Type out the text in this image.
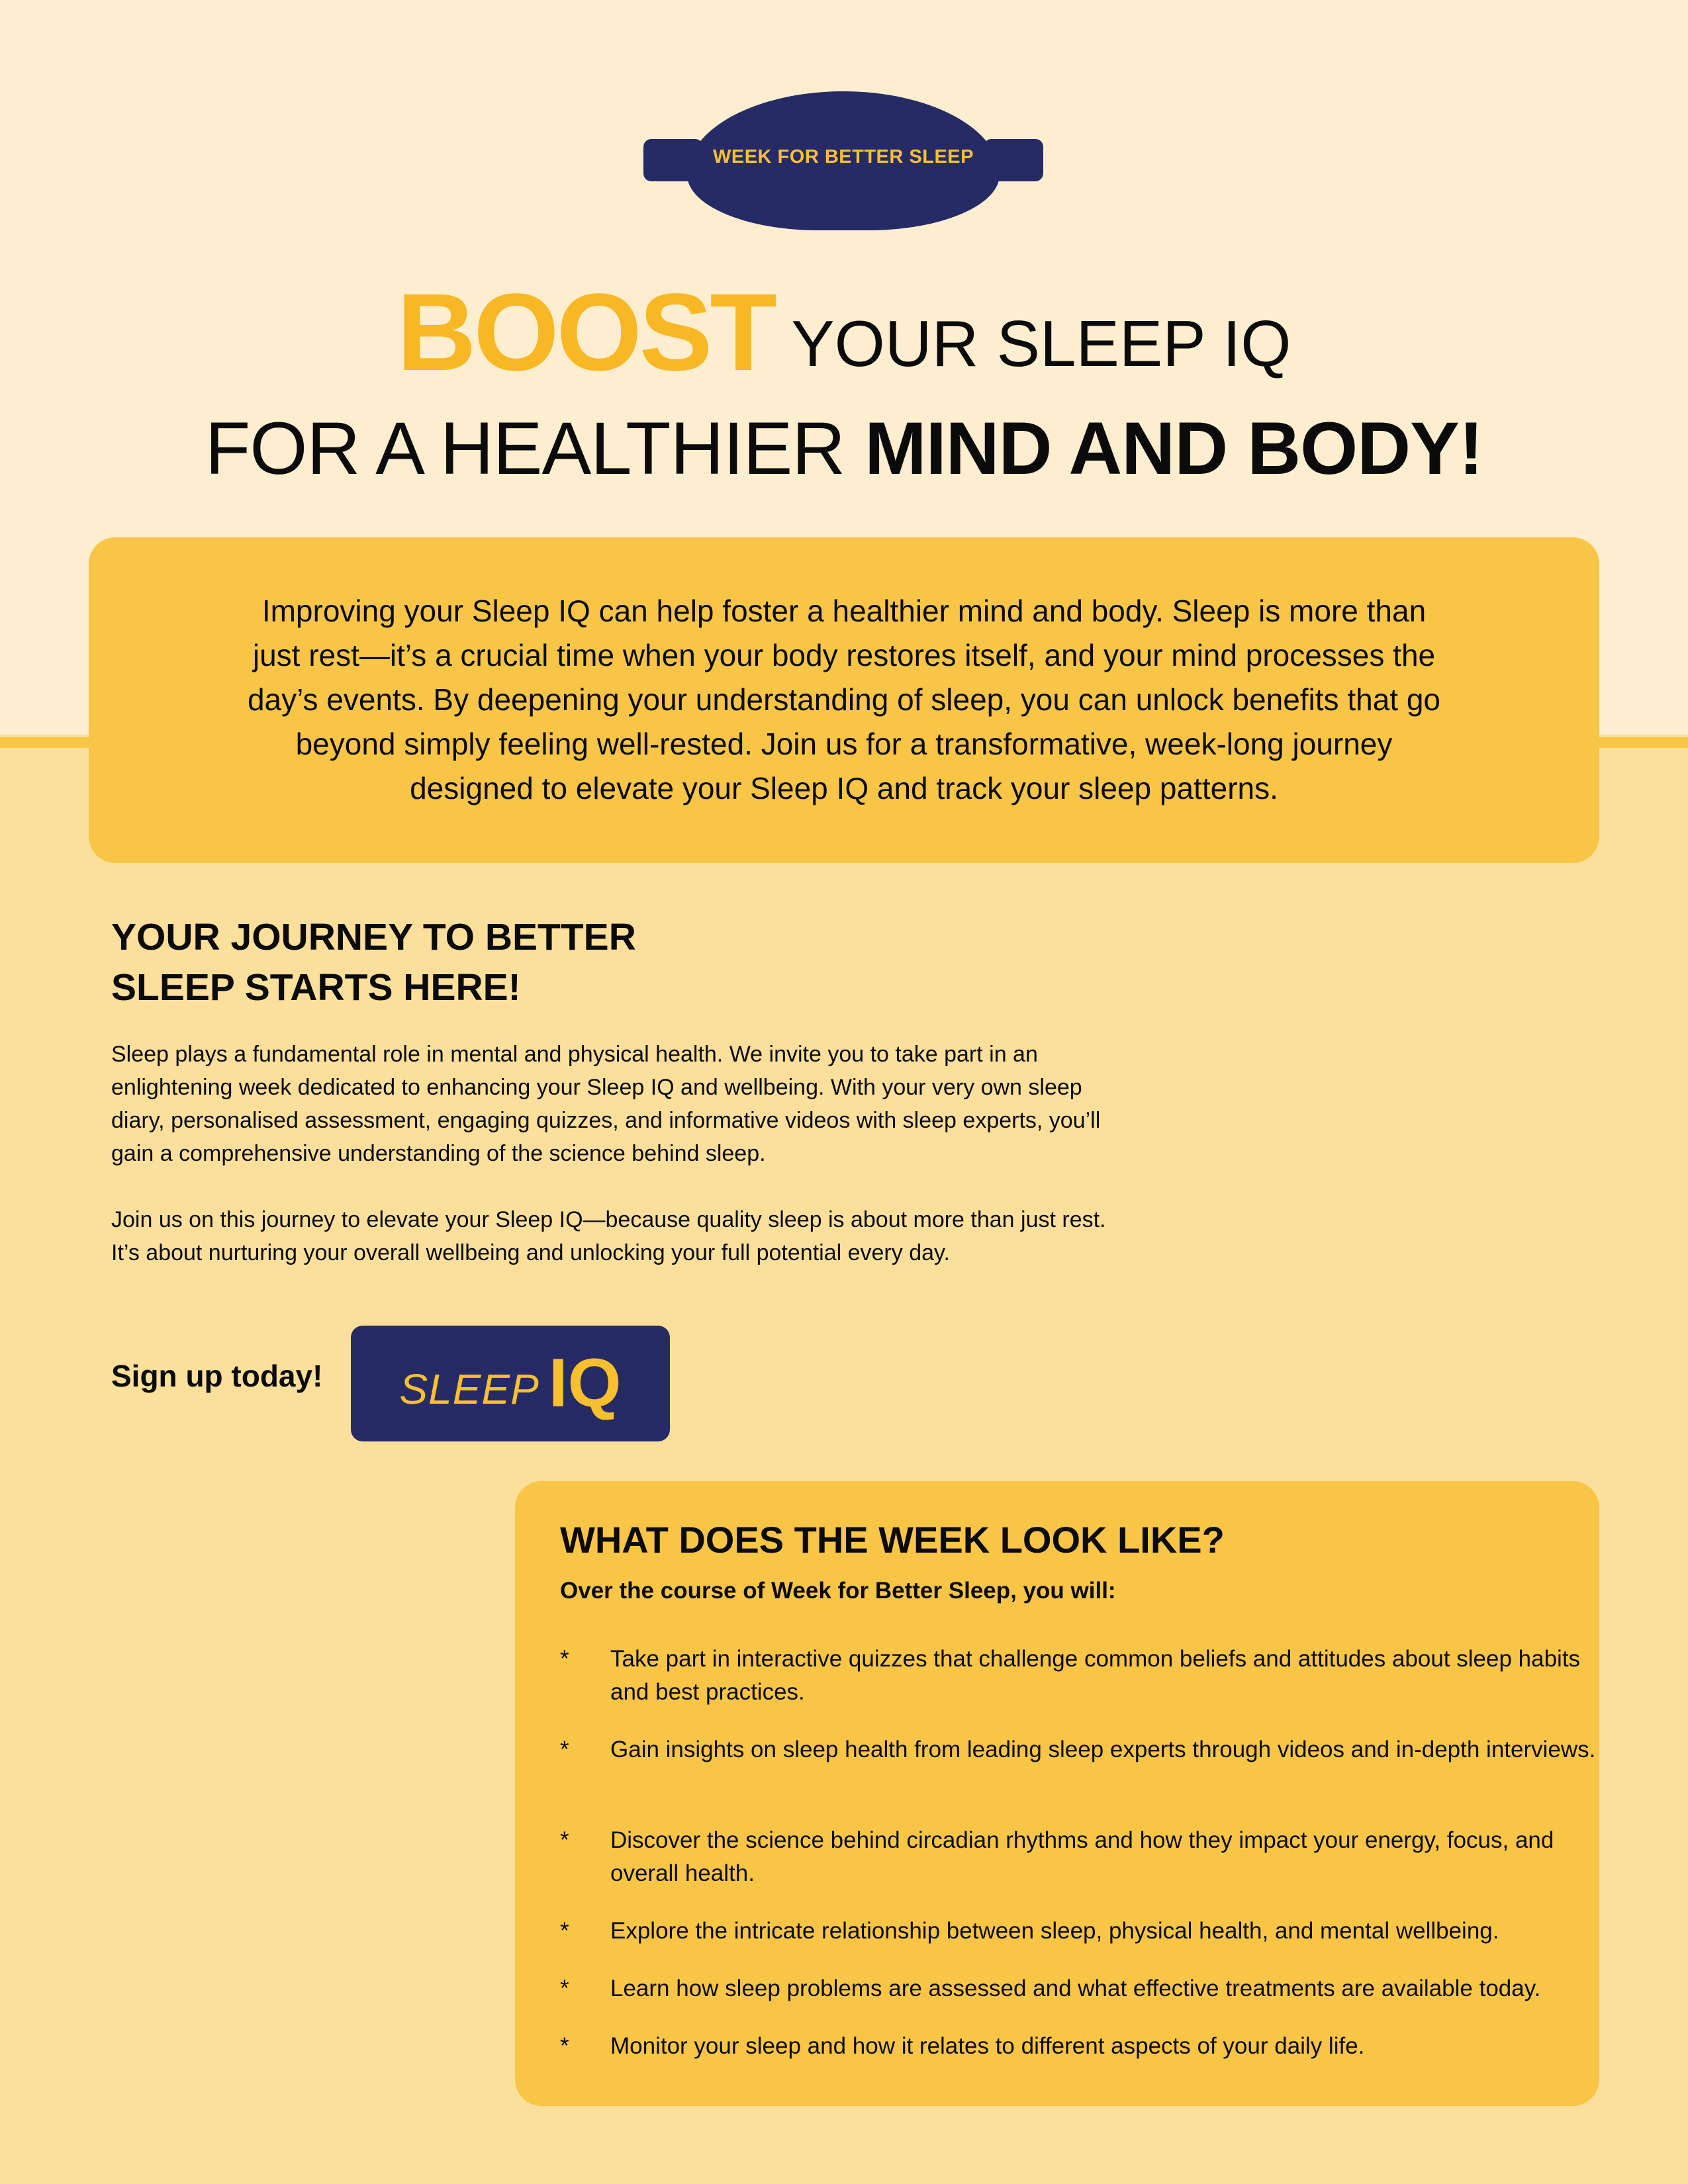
WEEK FOR BETTER SLEEP
BOOST YOUR SLEEP IQ
FOR A HEALTHIER MIND AND BODY!
Improving your Sleep IQ can help foster a healthier mind and body. Sleep is more than just rest—it’s a crucial time when your body restores itself, and your mind processes the day’s events. By deepening your understanding of sleep, you can unlock benefits that go beyond simply feeling well-rested. Join us for a transformative, week-long journey designed to elevate your Sleep IQ and track your sleep patterns.
YOUR JOURNEY TO BETTER
SLEEP STARTS HERE!
Sleep plays a fundamental role in mental and physical health. We invite you to take part in an enlightening week dedicated to enhancing your Sleep IQ and wellbeing. With your very own sleep diary, personalised assessment, engaging quizzes, and informative videos with sleep experts, you’ll gain a comprehensive understanding of the science behind sleep.
Join us on this journey to elevate your Sleep IQ—because quality sleep is about more than just rest. It’s about nurturing your overall wellbeing and unlocking your full potential every day.
Sign up today! SLEEP IQ
WHAT DOES THE WEEK LOOK LIKE?
Over the course of Week for Better Sleep, you will:
* Take part in interactive quizzes that challenge common beliefs and attitudes about sleep habits and best practices.
* Gain insights on sleep health from leading sleep experts through videos and in-depth interviews.
* Discover the science behind circadian rhythms and how they impact your energy, focus, and overall health.
* Explore the intricate relationship between sleep, physical health, and mental wellbeing.
* Learn how sleep problems are assessed and what effective treatments are available today.
* Monitor your sleep and how it relates to different aspects of your daily life.
